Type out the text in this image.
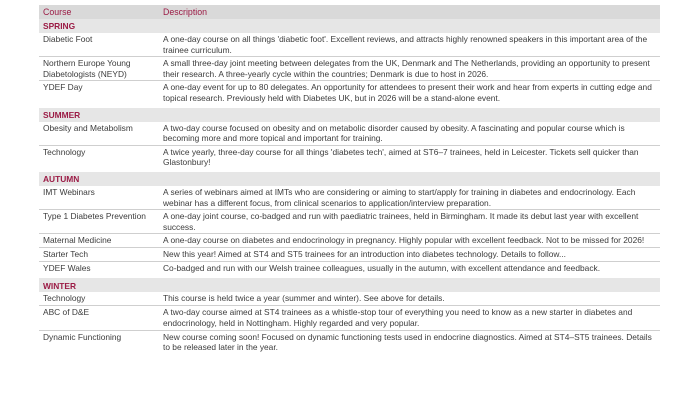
Course	Description
SPRING	
Diabetic Foot	A one-day course on all things 'diabetic foot'. Excellent reviews, and attracts highly renowned speakers in this important area of the trainee curriculum.
Northern Europe Young Diabetologists (NEYD)	A small three-day joint meeting between delegates from the UK, Denmark and The Netherlands, providing an opportunity to present their research. A three-yearly cycle within the countries; Denmark is due to host in 2026.
YDEF Day	A one-day event for up to 80 delegates. An opportunity for attendees to present their work and hear from experts in cutting edge and topical research. Previously held with Diabetes UK, but in 2026 will be a stand-alone event.

SUMMER	
Obesity and Metabolism	A two-day course focused on obesity and on metabolic disorder caused by obesity. A fascinating and popular course which is becoming more and more topical and important for training.
Technology	A twice yearly, three-day course for all things 'diabetes tech', aimed at ST6–7 trainees, held in Leicester. Tickets sell quicker than Glastonbury!

AUTUMN	
IMT Webinars	A series of webinars aimed at IMTs who are considering or aiming to start/apply for training in diabetes and endocrinology. Each webinar has a different focus, from clinical scenarios to application/interview preparation.
Type 1 Diabetes Prevention	A one-day joint course, co-badged and run with paediatric trainees, held in Birmingham. It made its debut last year with excellent success.
Maternal Medicine	A one-day course on diabetes and endocrinology in pregnancy. Highly popular with excellent feedback. Not to be missed for 2026!
Starter Tech	New this year! Aimed at ST4 and ST5 trainees for an introduction into diabetes technology. Details to follow...
YDEF Wales	Co-badged and run with our Welsh trainee colleagues, usually in the autumn, with excellent attendance and feedback.

WINTER	
Technology	This course is held twice a year (summer and winter). See above for details.
ABC of D&E	A two-day course aimed at ST4 trainees as a whistle-stop tour of everything you need to know as a new starter in diabetes and endocrinology, held in Nottingham. Highly regarded and very popular.
Dynamic Functioning	New course coming soon! Focused on dynamic functioning tests used in endocrine diagnostics. Aimed at ST4–ST5 trainees. Details to be released later in the year.
